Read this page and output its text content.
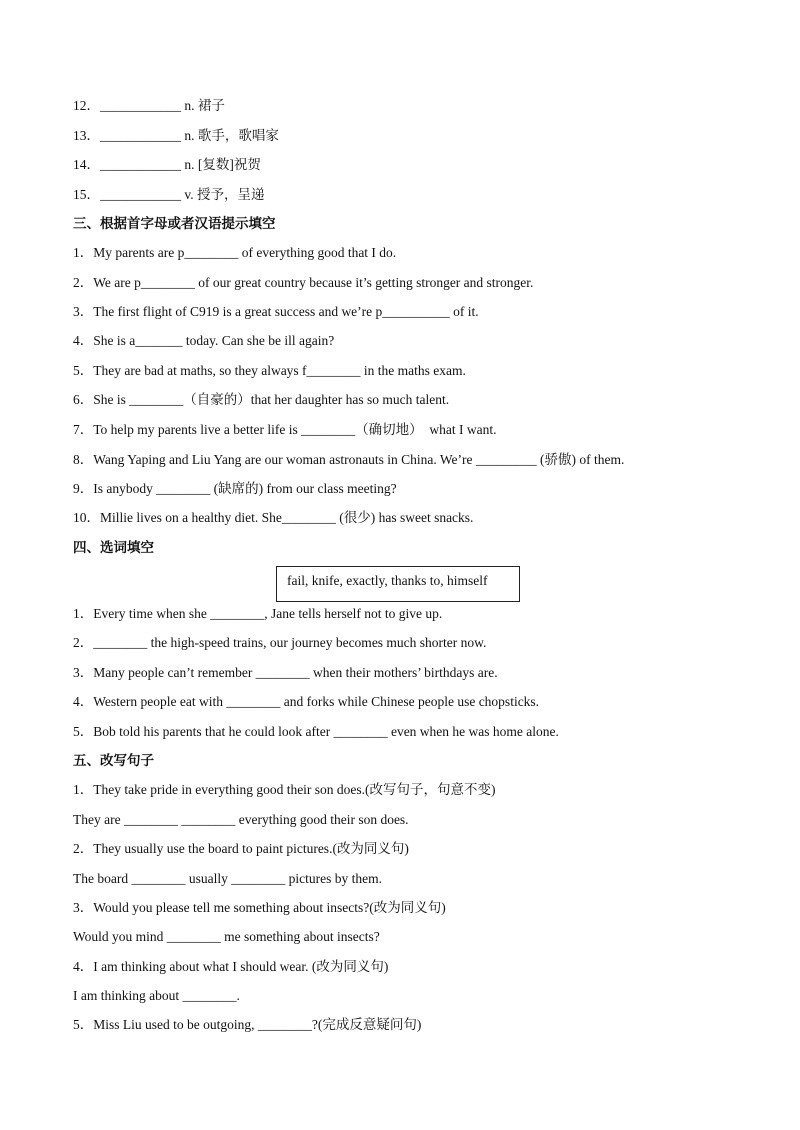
12．____________ n. 裙子
13．____________ n. 歌手，歌唱家
14．____________ n. [复数]祝贺
15．____________ v. 授予，呈递
三、根据首字母或者汉语提示填空
1．My parents are p________ of everything good that I do.
2．We are p________ of our great country because it’s getting stronger and stronger.
3．The first flight of C919 is a great success and we’re p__________ of it.
4．She is a_______ today. Can she be ill again?
5．They are bad at maths, so they always f________ in the maths exam.
6．She is ________（自豪的）that her daughter has so much talent.
7．To help my parents live a better life is ________（确切地）  what I want.
8．Wang Yaping and Liu Yang are our woman astronauts in China. We’re _________ (骄傲) of them.
9．Is anybody ________ (缺席的) from our class meeting?
10．Millie lives on a healthy diet. She________ (很少) has sweet snacks.
四、选词填空
fail, knife, exactly, thanks to, himself
1．Every time when she ________, Jane tells herself not to give up.
2．________ the high-speed trains, our journey becomes much shorter now.
3．Many people can’t remember ________ when their mothers’ birthdays are.
4．Western people eat with ________ and forks while Chinese people use chopsticks.
5．Bob told his parents that he could look after ________ even when he was home alone.
五、改写句子
1．They take pride in everything good their son does.(改写句子，句意不变)
They are ________ ________ everything good their son does.
2．They usually use the board to paint pictures.(改为同义句)
The board ________ usually ________ pictures by them.
3．Would you please tell me something about insects?(改为同义句)
Would you mind ________ me something about insects?
4．I am thinking about what I should wear. (改为同义句)
I am thinking about ________.
5．Miss Liu used to be outgoing, ________?(完成反意疑问句)
